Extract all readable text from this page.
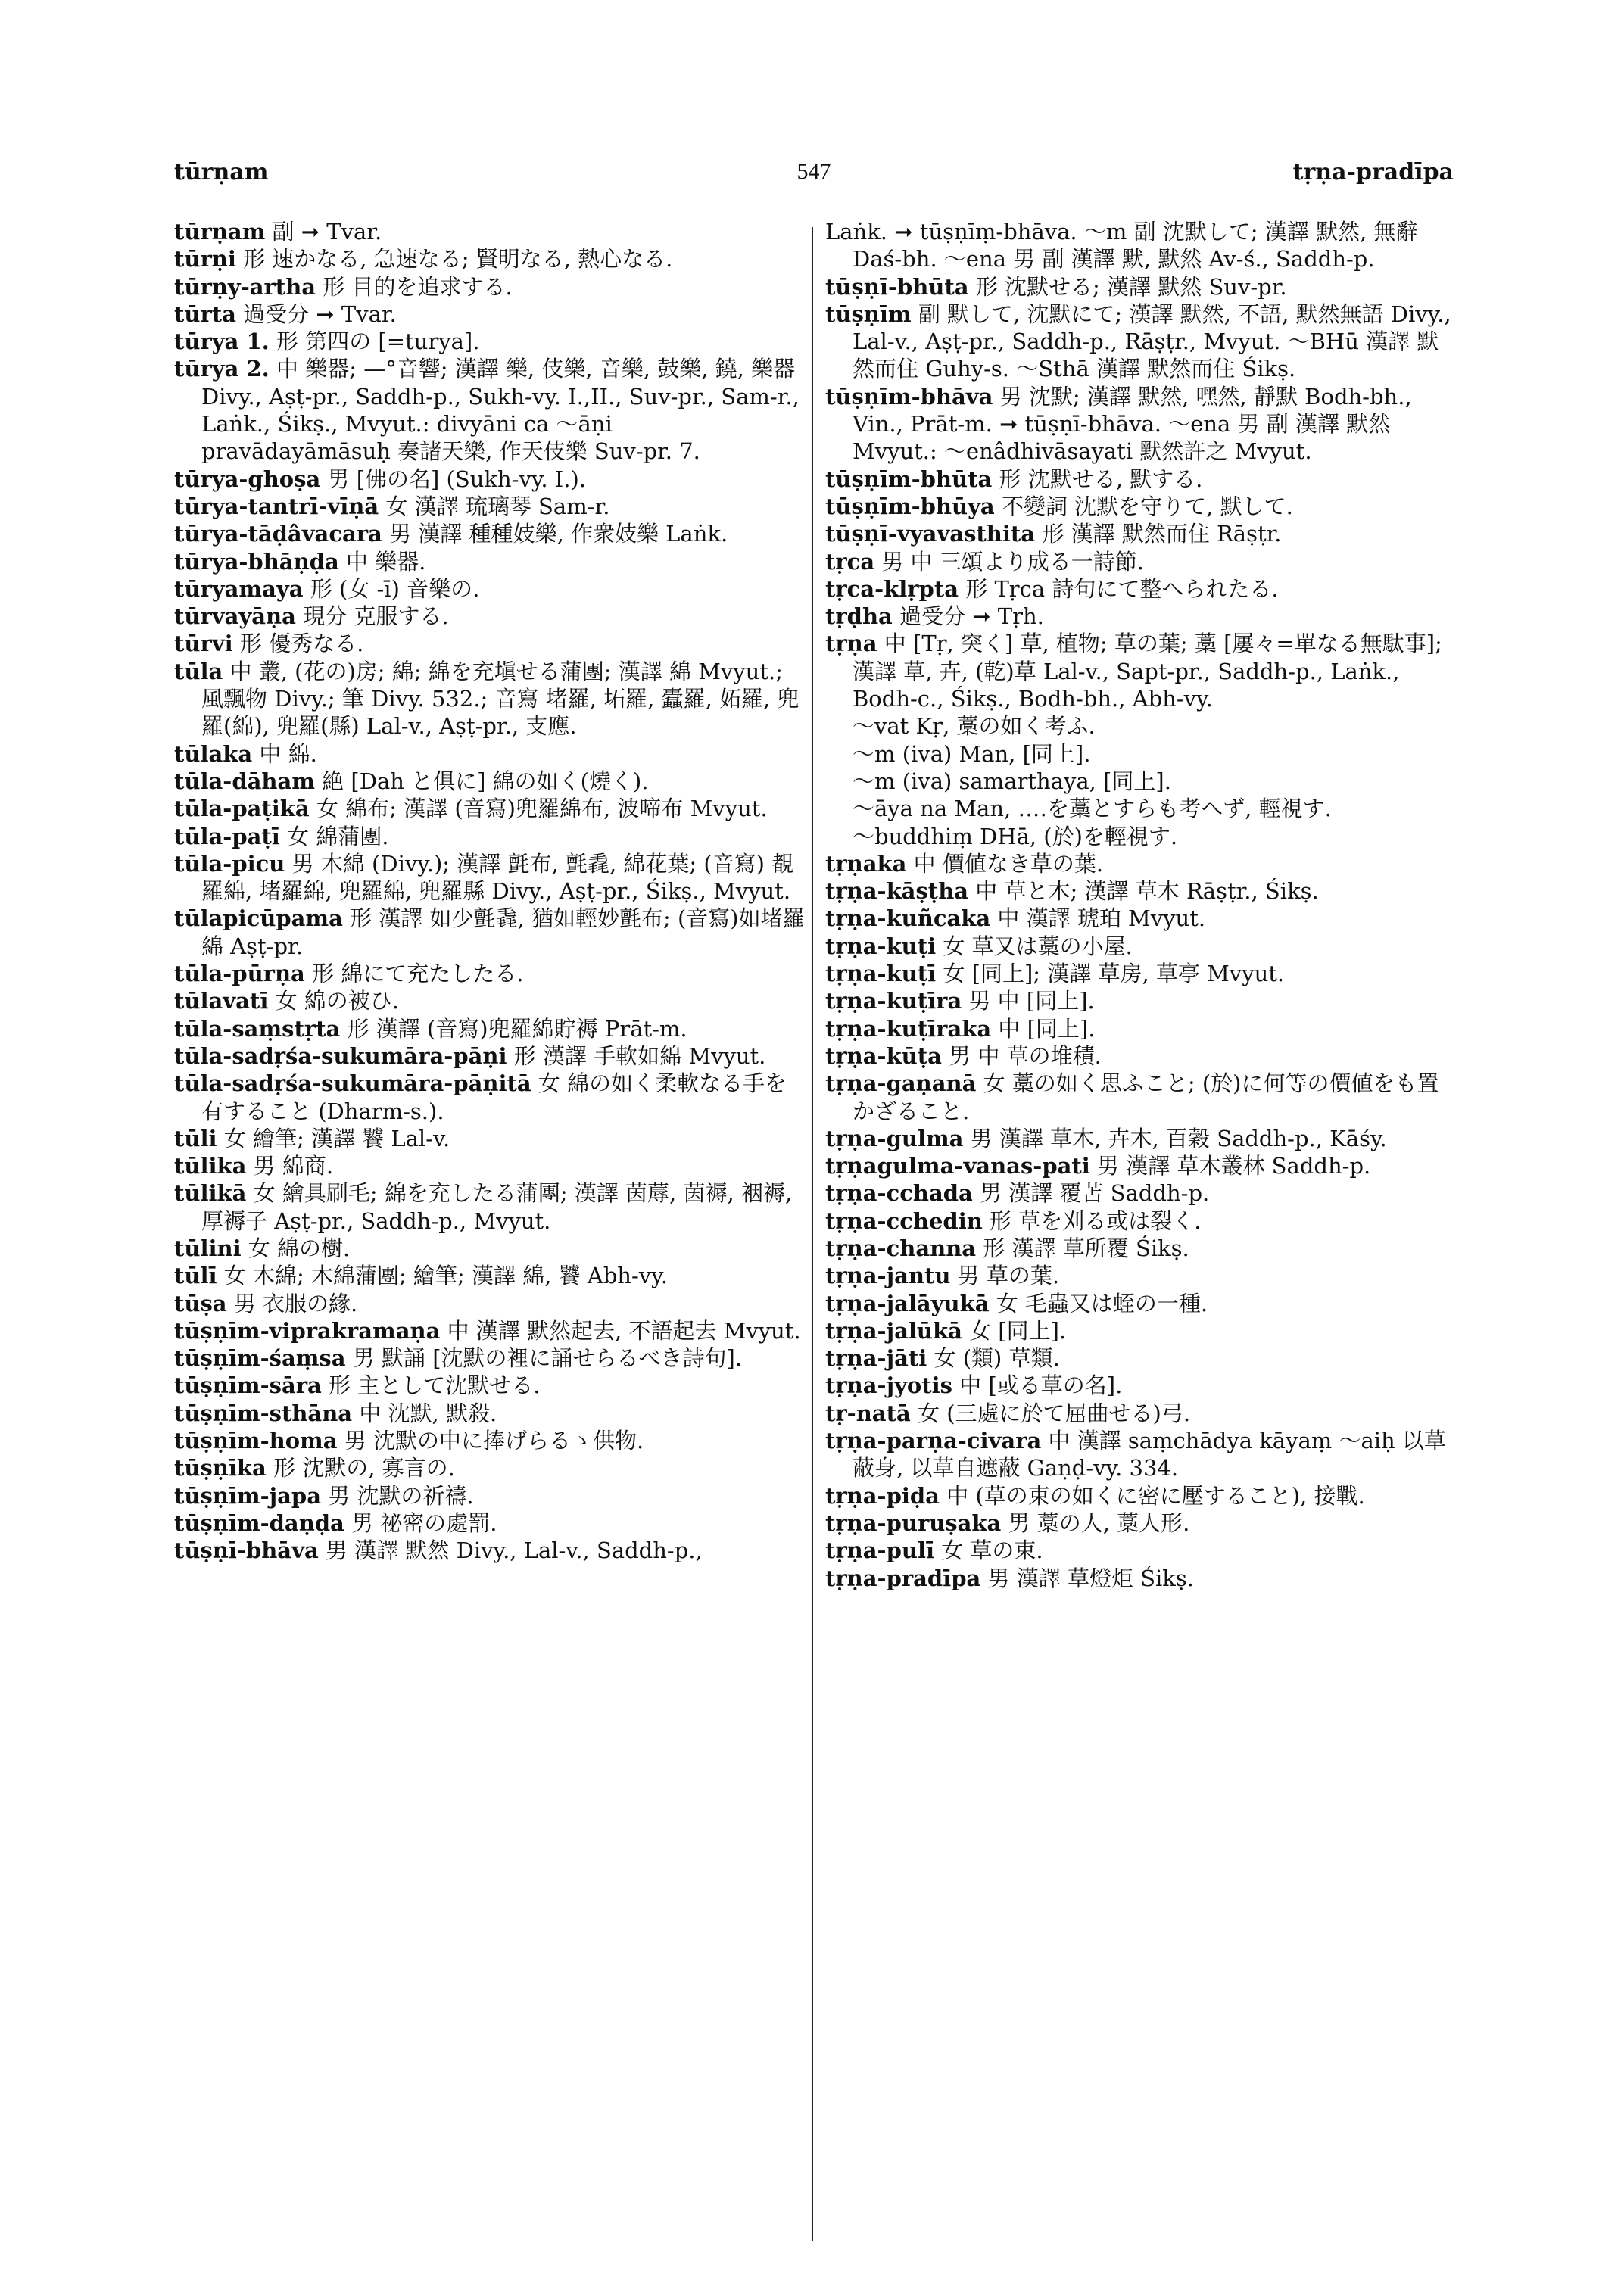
tūrṇam	547	tṛṇa-pradīpa

tūrṇam 副 ➞ Tvar.

tūrṇi 形 速かなる, 急速なる; 賢明なる, 熱心なる.

tūrṇy-artha 形 目的を追求する.

tūrta 過受分 ➞ Tvar.

tūrya 1. 形 第四の [=turya].

tūrya 2. 中 樂器; —°音響; 漢譯 樂, 伎樂, 音樂, 鼓樂, 鐃, 樂器 Divy., Aṣṭ-pr., Saddh-p., Sukh-vy. I.,II., Suv-pr., Sam-r., Laṅk., Śikṣ., Mvyut.: divyāni ca ～āṇi pravādayāmāsuḥ 奏諸天樂, 作天伎樂 Suv-pr. 7.

tūrya-ghoṣa 男 [佛の名] (Sukh-vy. I.).

tūrya-tantrī-vīṇā 女 漢譯 琉璃琴 Sam-r.

tūrya-tāḍâvacara 男 漢譯 種種妓樂, 作衆妓樂 Laṅk.

tūrya-bhāṇḍa 中 樂器.

tūryamaya 形 (女 -ī) 音樂の.

tūrvayāṇa 現分 克服する.

tūrvi 形 優秀なる.

tūla 中 叢, (花の)房; 綿; 綿を充塡せる蒲團; 漢譯 綿 Mvyut.; 風飄物 Divy.; 筆 Divy. 532.; 音寫 堵羅, 坧羅, 蠹羅, 妬羅, 兜羅(綿), 兜羅(縣) Lal-v., Aṣṭ-pr., 支應.

tūlaka 中 綿.

tūla-dāham 絶 [Dah と俱に] 綿の如く(燒く).

tūla-paṭikā 女 綿布; 漢譯 (音寫)兜羅綿布, 波啼布 Mvyut.

tūla-paṭī 女 綿蒲團.

tūla-picu 男 木綿 (Divy.); 漢譯 氈布, 氈毳, 綿花葉; (音寫) 覩羅綿, 堵羅綿, 兜羅綿, 兜羅縣 Divy., Aṣṭ-pr., Śikṣ., Mvyut.

tūlapicūpama 形 漢譯 如少氈毳, 猶如輕妙氈布; (音寫)如堵羅綿 Aṣṭ-pr.

tūla-pūrṇa 形 綿にて充たしたる.

tūlavatī 女 綿の被ひ.

tūla-saṃstṛta 形 漢譯 (音寫)兜羅綿貯褥 Prāt-m.

tūla-sadṛśa-sukumāra-pāṇi 形 漢譯 手軟如綿 Mvyut.

tūla-sadṛśa-sukumāra-pāṇitā 女 綿の如く柔軟なる手を有すること (Dharm-s.).

tūli 女 繪筆; 漢譯 饕 Lal-v.

tūlika 男 綿商.

tūlikā 女 繪具刷毛; 綿を充したる蒲團; 漢譯 茵蓐, 茵褥, 裀褥, 厚褥子 Aṣṭ-pr., Saddh-p., Mvyut.

tūlini 女 綿の樹.

tūlī 女 木綿; 木綿蒲團; 繪筆; 漢譯 綿, 饕 Abh-vy.

tūṣa 男 衣服の緣.

tūṣṇīm-viprakramaṇa 中 漢譯 默然起去, 不語起去 Mvyut.

tūṣṇīm-śaṃsa 男 默誦 [沈默の裡に誦せらるべき詩句].

tūṣṇīm-sāra 形 主として沈默せる.

tūṣṇīm-sthāna 中 沈默, 默殺.

tūṣṇīm-homa 男 沈默の中に捧げらるゝ供物.

tūṣṇīka 形 沈默の, 寡言の.

tūṣṇīm-japa 男 沈默の祈禱.

tūṣṇīm-daṇḍa 男 祕密の處罰.

tūṣṇī-bhāva 男 漢譯 默然 Divy., Lal-v., Saddh-p.,

Laṅk. ➞ tūṣṇīṃ-bhāva. ～m 副 沈默して; 漢譯 默然, 無辭 Daś-bh. ～ena 男 副 漢譯 默, 默然 Av-ś., Saddh-p.

tūṣṇī-bhūta 形 沈默せる; 漢譯 默然 Suv-pr.

tūṣṇīm 副 默して, 沈默にて; 漢譯 默然, 不語, 默然無語 Divy., Lal-v., Aṣṭ-pr., Saddh-p., Rāṣṭr., Mvyut. ～BHū 漢譯 默然而住 Guhy-s. ～Sthā 漢譯 默然而住 Śikṣ.

tūṣṇīm-bhāva 男 沈默; 漢譯 默然, 嘿然, 靜默 Bodh-bh., Vin., Prāt-m. ➞ tūṣṇī-bhāva. ～ena 男 副 漢譯 默然 Mvyut.: ～enâdhivāsayati 默然許之 Mvyut.

tūṣṇīm-bhūta 形 沈默せる, 默する.

tūṣṇīm-bhūya 不變詞 沈默を守りて, 默して.

tūṣṇī-vyavasthita 形 漢譯 默然而住 Rāṣṭr.

tṛca 男 中 三頌より成る一詩節.

tṛca-klṛpta 形 Tṛca 詩句にて整へられたる.

tṛḍha 過受分 ➞ Tṛh.

tṛṇa 中 [Tṛ, 突く] 草, 植物; 草の葉; 藁 [屢々=單なる無駄事]; 漢譯 草, 卉, (乾)草 Lal-v., Sapt-pr., Saddh-p., Laṅk., Bodh-c., Śikṣ., Bodh-bh., Abh-vy.
～vat Kṛ, 藁の如く考ふ.
～m (iva) Man, [同上].
～m (iva) samarthaya, [同上].
～āya na Man, ‥‥を藁とすらも考へず, 輕視す.
～buddhiṃ DHā, (於)を輕視す.

tṛṇaka 中 價値なき草の葉.

tṛṇa-kāṣṭha 中 草と木; 漢譯 草木 Rāṣṭr., Śikṣ.

tṛṇa-kuñcaka 中 漢譯 琥珀 Mvyut.

tṛṇa-kuṭi 女 草又は藁の小屋.

tṛṇa-kuṭī 女 [同上]; 漢譯 草房, 草亭 Mvyut.

tṛṇa-kuṭīra 男 中 [同上].

tṛṇa-kuṭīraka 中 [同上].

tṛṇa-kūṭa 男 中 草の堆積.

tṛṇa-gaṇanā 女 藁の如く思ふこと; (於)に何等の價値をも置かざること.

tṛṇa-gulma 男 漢譯 草木, 卉木, 百穀 Saddh-p., Kāśy.

tṛṇagulma-vanas-pati 男 漢譯 草木叢林 Saddh-p.

tṛṇa-cchada 男 漢譯 覆苫 Saddh-p.

tṛṇa-cchedin 形 草を刈る或は裂く.

tṛṇa-channa 形 漢譯 草所覆 Śikṣ.

tṛṇa-jantu 男 草の葉.

tṛṇa-jalāyukā 女 毛蟲又は蛭の一種.

tṛṇa-jalūkā 女 [同上].

tṛṇa-jāti 女 (類) 草類.

tṛṇa-jyotis 中 [或る草の名].

tṛ-natā 女 (三處に於て屈曲せる)弓.

tṛṇa-parṇa-civara 中 漢譯 saṃchādya kāyaṃ ～aiḥ 以草蔽身, 以草自遮蔽 Gaṇḍ-vy. 334.

tṛṇa-piḍa 中 (草の束の如くに密に壓すること), 接戰.

tṛṇa-puruṣaka 男 藁の人, 藁人形.

tṛṇa-pulī 女 草の束.

tṛṇa-pradīpa 男 漢譯 草燈炬 Śikṣ.
